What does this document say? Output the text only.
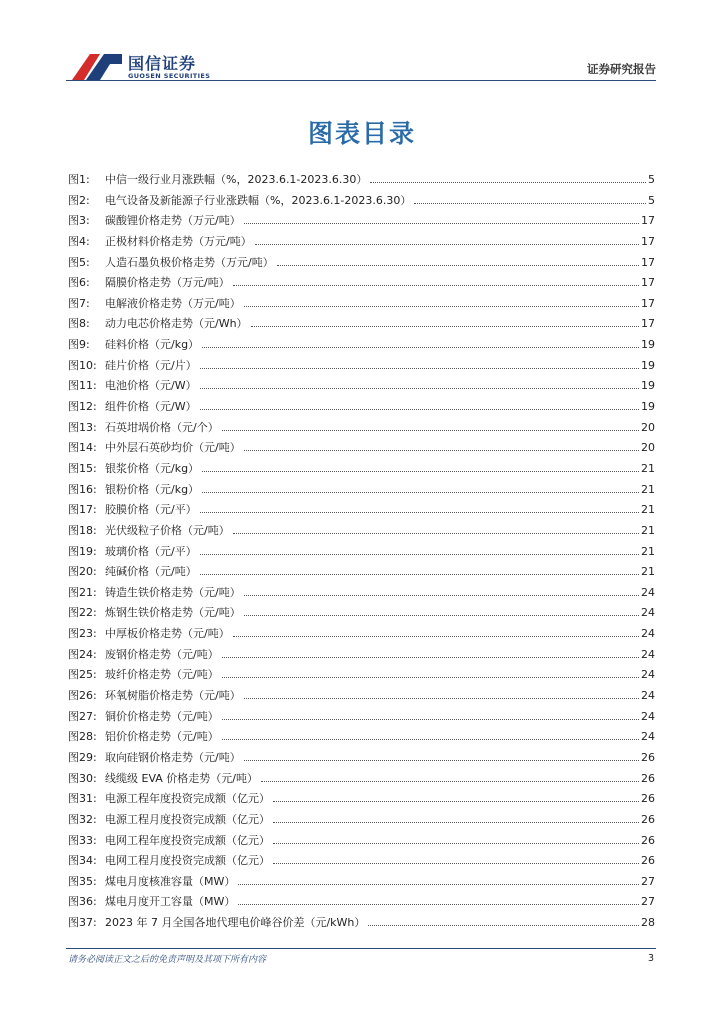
国信证券
GUOSEN SECURITIES	证券研究报告
图表目录
图1:	中信一级行业月涨跌幅（%，2023.6.1-2023.6.30）	5
图2:	电气设备及新能源子行业涨跌幅（%，2023.6.1-2023.6.30）	5
图3:	碳酸锂价格走势（万元/吨）	17
图4:	正极材料价格走势（万元/吨）	17
图5:	人造石墨负极价格走势（万元/吨）	17
图6:	隔膜价格走势（万元/吨）	17
图7:	电解液价格走势（万元/吨）	17
图8:	动力电芯价格走势（元/Wh）	17
图9:	硅料价格（元/kg）	19
图10: 硅片价格（元/片）	19
图11: 电池价格（元/W）	19
图12: 组件价格（元/W）	19
图13: 石英坩埚价格（元/个）	20
图14: 中外层石英砂均价（元/吨）	20
图15: 银浆价格（元/kg）	21
图16: 银粉价格（元/kg）	21
图17: 胶膜价格（元/平）	21
图18: 光伏级粒子价格（元/吨）	21
图19: 玻璃价格（元/平）	21
图20: 纯碱价格（元/吨）	21
图21: 铸造生铁价格走势（元/吨）	24
图22: 炼钢生铁价格走势（元/吨）	24
图23: 中厚板价格走势（元/吨）	24
图24: 废钢价格走势（元/吨）	24
图25: 玻纤价格走势（元/吨）	24
图26: 环氧树脂价格走势（元/吨）	24
图27: 铜价价格走势（元/吨）	24
图28: 铝价价格走势（元/吨）	24
图29: 取向硅钢价格走势（元/吨）	26
图30: 线缆级 EVA 价格走势（元/吨）	26
图31: 电源工程年度投资完成额（亿元）	26
图32: 电源工程月度投资完成额（亿元）	26
图33: 电网工程年度投资完成额（亿元）	26
图34: 电网工程月度投资完成额（亿元）	26
图35: 煤电月度核准容量（MW）	27
图36: 煤电月度开工容量（MW）	27
图37: 2023 年 7 月全国各地代理电价峰谷价差（元/kWh）	28
请务必阅读正文之后的免责声明及其项下所有内容	3
